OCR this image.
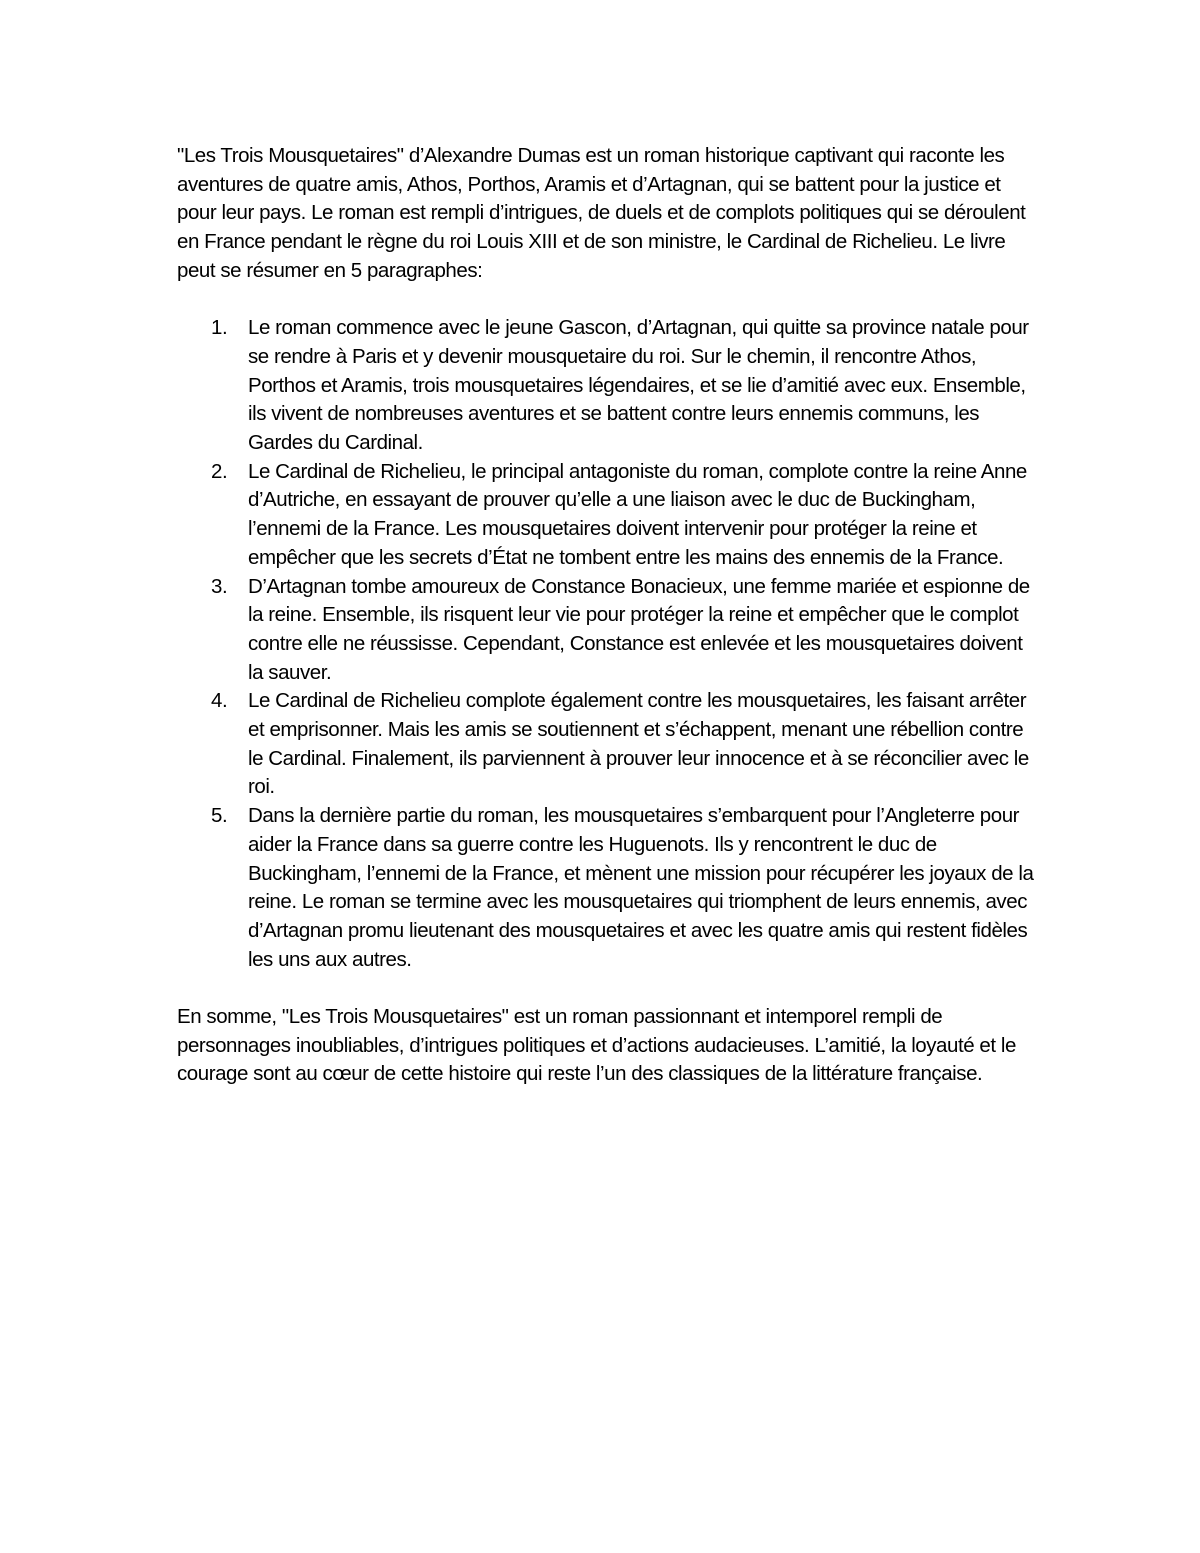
"Les Trois Mousquetaires" d’Alexandre Dumas est un roman historique captivant qui raconte les aventures de quatre amis, Athos, Porthos, Aramis et d’Artagnan, qui se battent pour la justice et pour leur pays. Le roman est rempli d’intrigues, de duels et de complots politiques qui se déroulent en France pendant le règne du roi Louis XIII et de son ministre, le Cardinal de Richelieu. Le livre peut se résumer en 5 paragraphes:

1.	Le roman commence avec le jeune Gascon, d’Artagnan, qui quitte sa province natale pour se rendre à Paris et y devenir mousquetaire du roi. Sur le chemin, il rencontre Athos, Porthos et Aramis, trois mousquetaires légendaires, et se lie d’amitié avec eux. Ensemble, ils vivent de nombreuses aventures et se battent contre leurs ennemis communs, les Gardes du Cardinal.
2.	Le Cardinal de Richelieu, le principal antagoniste du roman, complote contre la reine Anne d’Autriche, en essayant de prouver qu’elle a une liaison avec le duc de Buckingham, l’ennemi de la France. Les mousquetaires doivent intervenir pour protéger la reine et empêcher que les secrets d’État ne tombent entre les mains des ennemis de la France.
3.	D’Artagnan tombe amoureux de Constance Bonacieux, une femme mariée et espionne de la reine. Ensemble, ils risquent leur vie pour protéger la reine et empêcher que le complot contre elle ne réussisse. Cependant, Constance est enlevée et les mousquetaires doivent la sauver.
4.	Le Cardinal de Richelieu complote également contre les mousquetaires, les faisant arrêter et emprisonner. Mais les amis se soutiennent et s’échappent, menant une rébellion contre le Cardinal. Finalement, ils parviennent à prouver leur innocence et à se réconcilier avec le roi.
5.	Dans la dernière partie du roman, les mousquetaires s’embarquent pour l’Angleterre pour aider la France dans sa guerre contre les Huguenots. Ils y rencontrent le duc de Buckingham, l’ennemi de la France, et mènent une mission pour récupérer les joyaux de la reine. Le roman se termine avec les mousquetaires qui triomphent de leurs ennemis, avec d’Artagnan promu lieutenant des mousquetaires et avec les quatre amis qui restent fidèles les uns aux autres.

En somme, "Les Trois Mousquetaires" est un roman passionnant et intemporel rempli de personnages inoubliables, d’intrigues politiques et d’actions audacieuses. L’amitié, la loyauté et le courage sont au cœur de cette histoire qui reste l’un des classiques de la littérature française.
